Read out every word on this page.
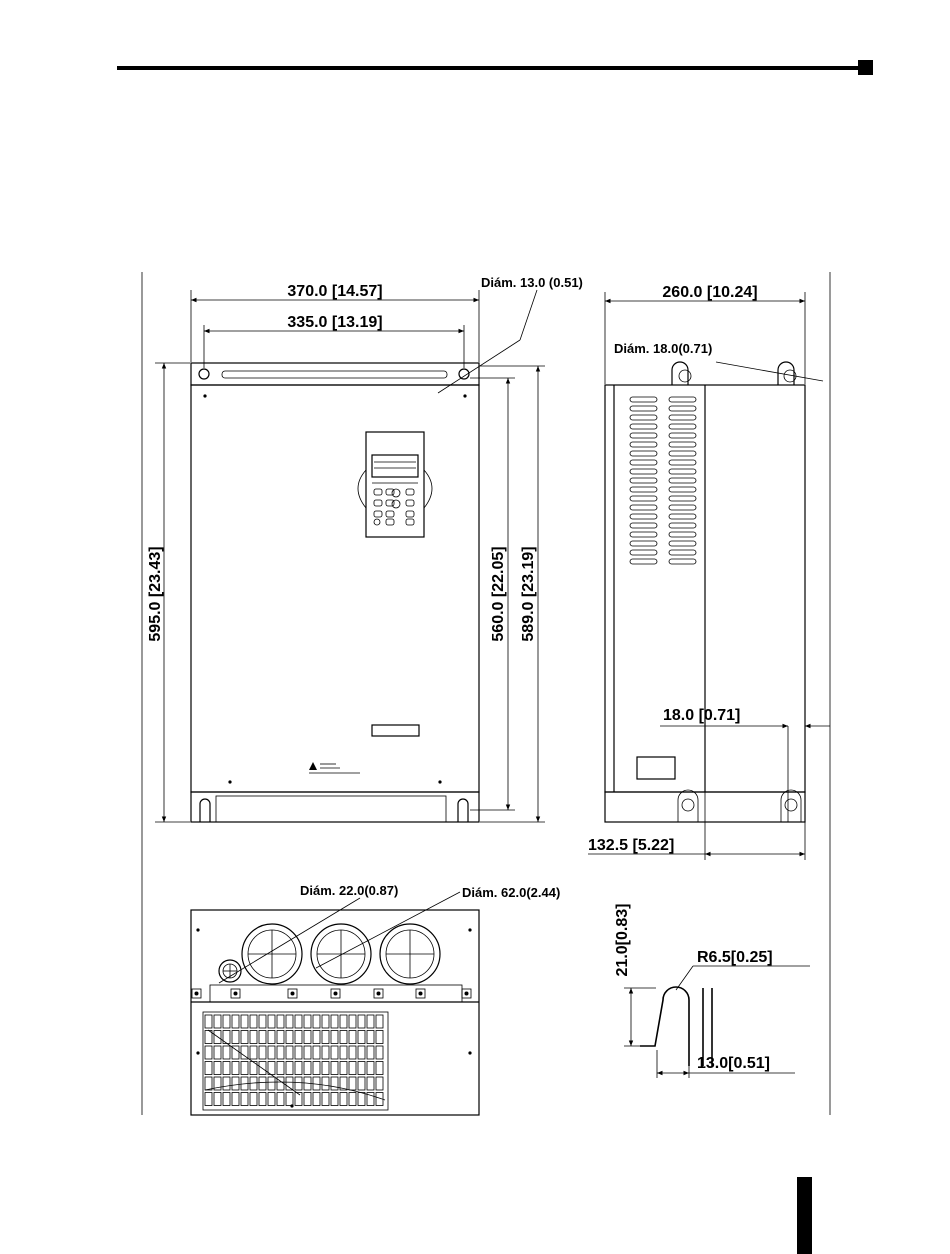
370.0 [14.57]
335.0 [13.19]
Diám. 13.0 (0.51)
595.0 [23.43]	560.0 [22.05] 589.0 [23.19]
260.0 [10.24]
Diám. 18.0(0.71)
18.0 [0.71]
132.5 [5.22]
Diám. 22.0(0.87)	Diám. 62.0(2.44)
21.0[0.83]	R6.5[0.25]
13.0[0.51]
